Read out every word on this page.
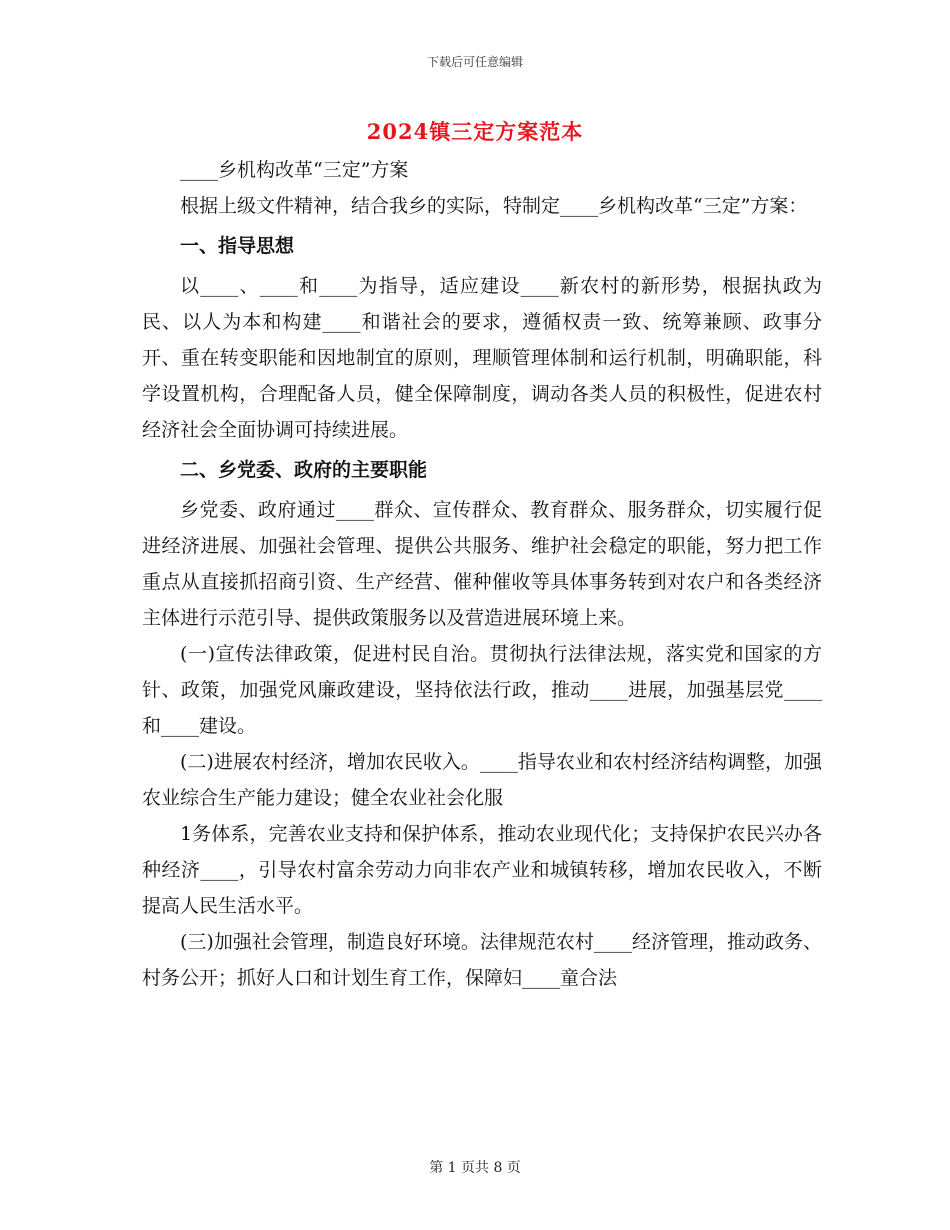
下载后可任意编辑
2024镇三定方案范本

____乡机构改革“三定”方案

根据上级文件精神，结合我乡的实际，特制定____乡机构改革“三定”方案：

一、指导思想

以____、____和____为指导，适应建设____新农村的新形势，根据执政为民、以人为本和构建____和谐社会的要求，遵循权责一致、统筹兼顾、政事分开、重在转变职能和因地制宜的原则，理顺管理体制和运行机制，明确职能，科学设置机构，合理配备人员，健全保障制度，调动各类人员的积极性，促进农村经济社会全面协调可持续进展。

二、乡党委、政府的主要职能

乡党委、政府通过____群众、宣传群众、教育群众、服务群众，切实履行促进经济进展、加强社会管理、提供公共服务、维护社会稳定的职能，努力把工作重点从直接抓招商引资、生产经营、催种催收等具体事务转到对农户和各类经济主体进行示范引导、提供政策服务以及营造进展环境上来。

(一)宣传法律政策，促进村民自治。贯彻执行法律法规，落实党和国家的方针、政策，加强党风廉政建设，坚持依法行政，推动____进展，加强基层党____和____建设。

(二)进展农村经济，增加农民收入。____指导农业和农村经济结构调整，加强农业综合生产能力建设；健全农业社会化服

1务体系，完善农业支持和保护体系，推动农业现代化；支持保护农民兴办各种经济____，引导农村富余劳动力向非农产业和城镇转移，增加农民收入，不断提高人民生活水平。

(三)加强社会管理，制造良好环境。法律规范农村____经济管理，推动政务、村务公开；抓好人口和计划生育工作，保障妇____童合法

第 1 页共 8 页
